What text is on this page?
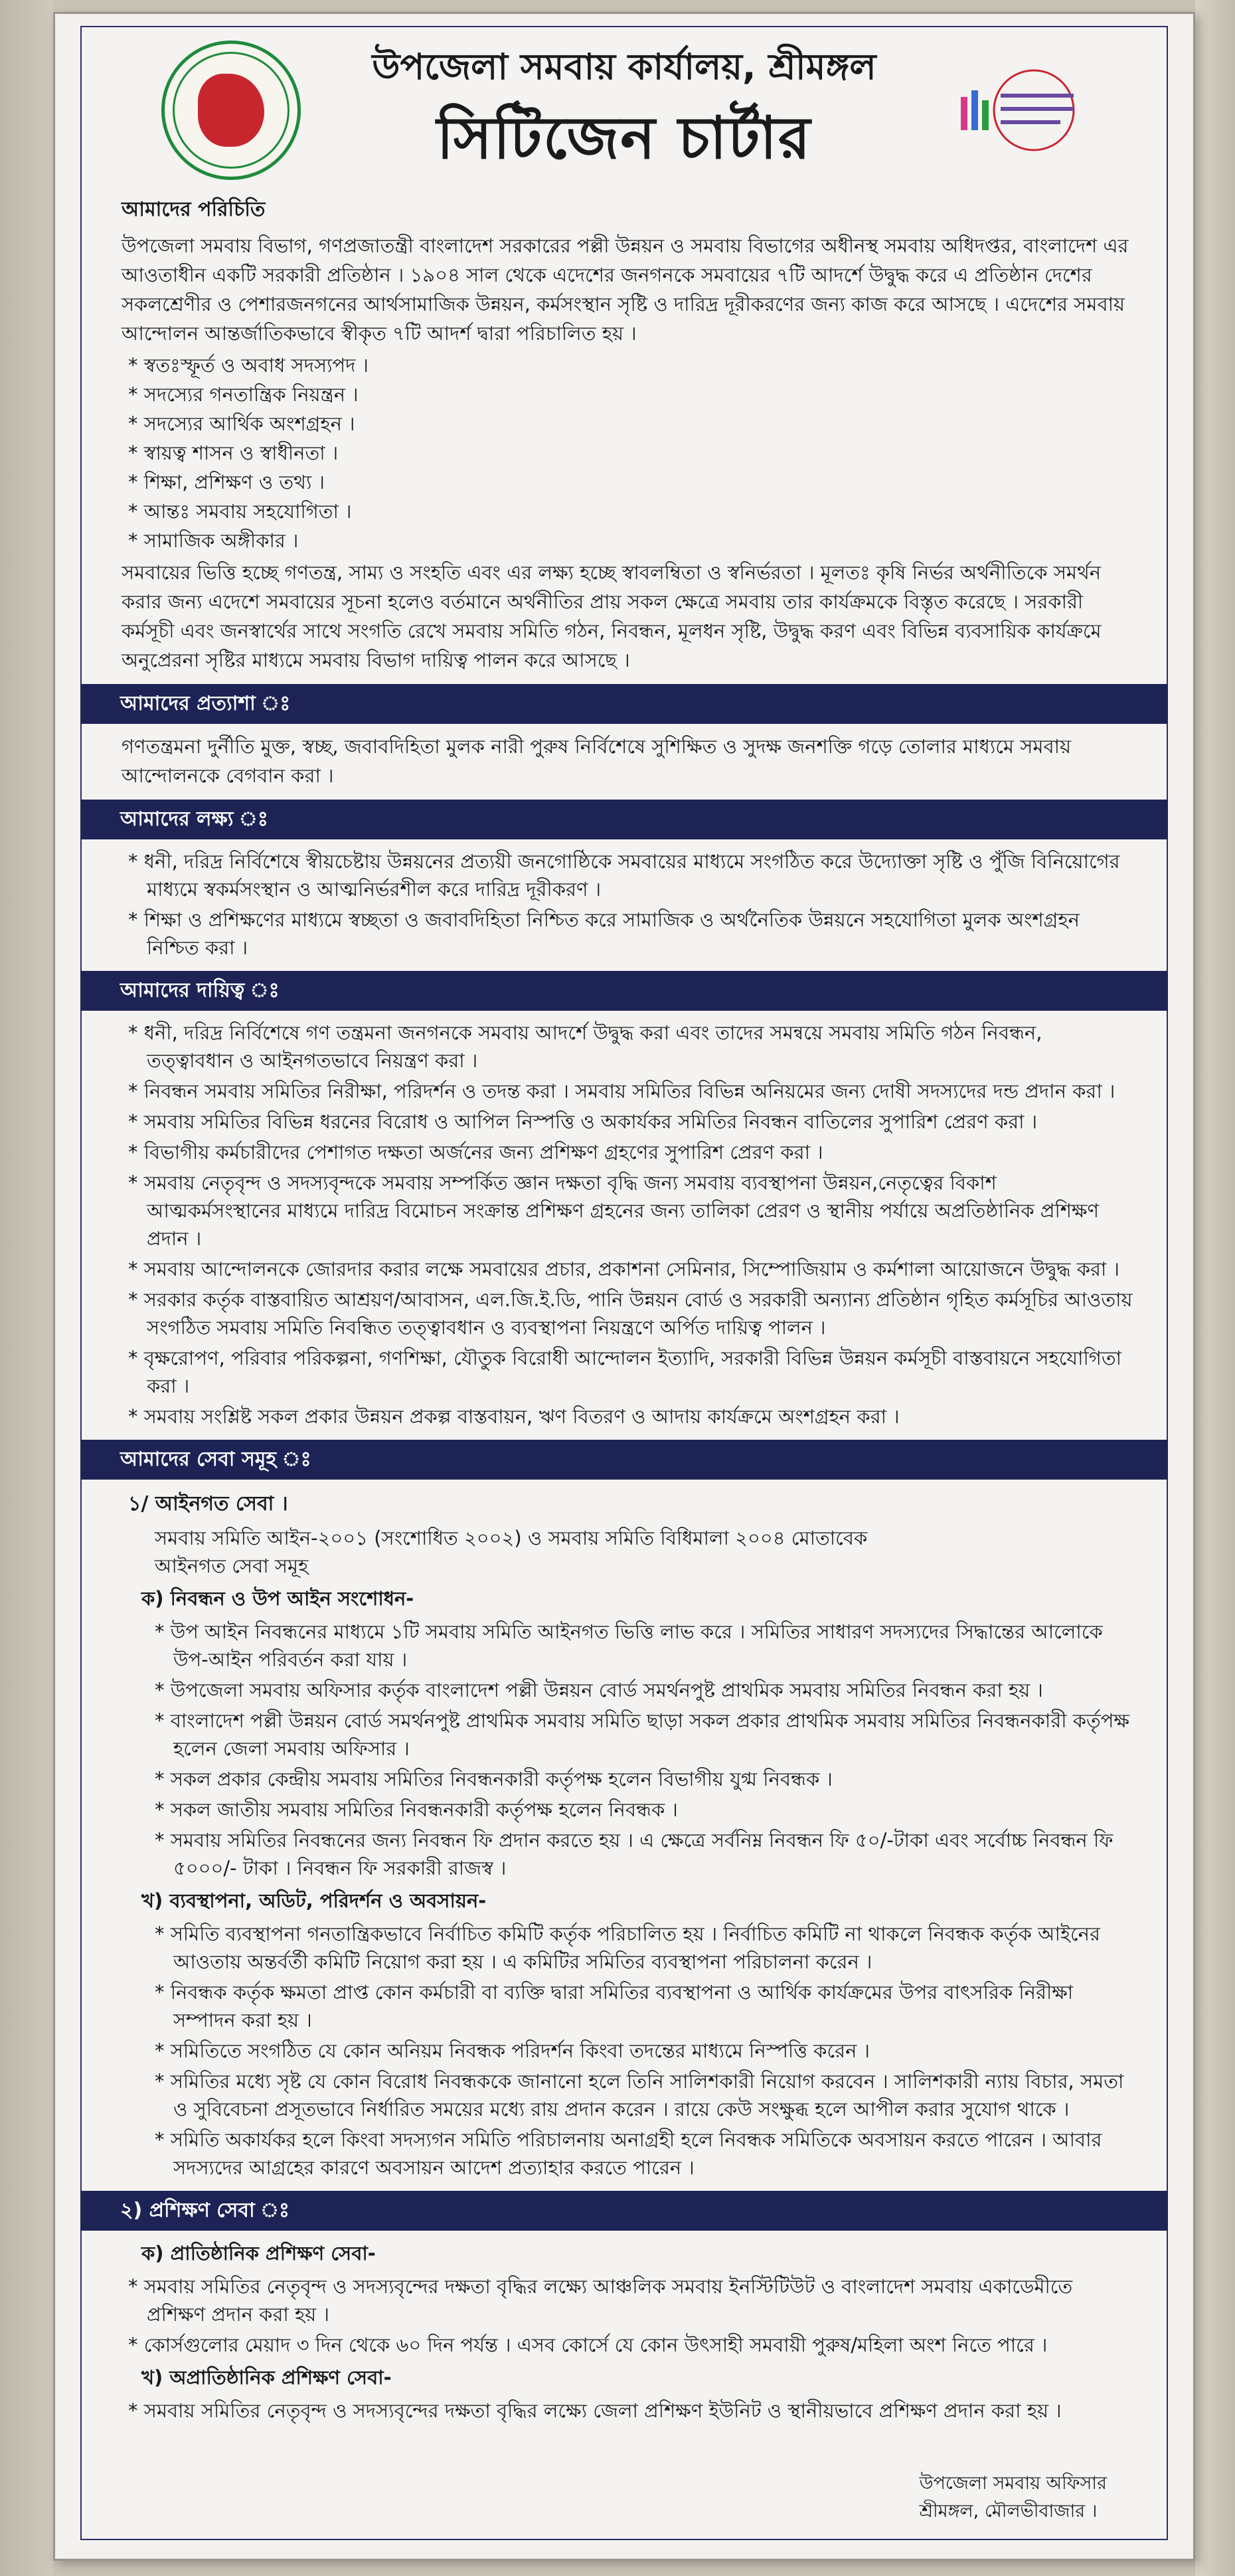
উপজেলা সমবায় কার্যালয়, শ্রীমঙ্গল
সিটিজেন চার্টার
আমাদের পরিচিতি

উপজেলা সমবায় বিভাগ, গণপ্রজাতন্ত্রী বাংলাদেশ সরকারের পল্লী উন্নয়ন ও সমবায় বিভাগের অধীনস্থ সমবায় অধিদপ্তর, বাংলাদেশ এর আওতাধীন একটি সরকারী প্রতিষ্ঠান । ১৯০৪ সাল থেকে এদেশের জনগনকে সমবায়ের ৭টি আদর্শে উদ্বুদ্ধ করে এ প্রতিষ্ঠান দেশের সকলশ্রেণীর ও পেশারজনগনের আর্থসামাজিক উন্নয়ন, কর্মসংস্থান সৃষ্টি ও দারিদ্র দূরীকরণের জন্য কাজ করে আসছে । এদেশের সমবায় আন্দোলন আন্তর্জাতিকভাবে স্বীকৃত ৭টি আদর্শ দ্বারা পরিচালিত হয় ।

* স্বতঃস্ফূর্ত ও অবাধ সদস্যপদ ।
* সদস্যের গনতান্ত্রিক নিয়ন্ত্রন ।
* সদস্যের আর্থিক অংশগ্রহন ।
* স্বায়ত্ব শাসন ও স্বাধীনতা ।
* শিক্ষা, প্রশিক্ষণ ও তথ্য ।
* আন্তঃ সমবায় সহযোগিতা ।
* সামাজিক অঙ্গীকার ।

সমবায়ের ভিত্তি হচ্ছে গণতন্ত্র, সাম্য ও সংহতি এবং এর লক্ষ্য হচ্ছে স্বাবলম্বিতা ও স্বনির্ভরতা । মূলতঃ কৃষি নির্ভর অর্থনীতিকে সমর্থন করার জন্য এদেশে সমবায়ের সূচনা হলেও বর্তমানে অর্থনীতির প্রায় সকল ক্ষেত্রে সমবায় তার কার্যক্রমকে বিস্তৃত করেছে । সরকারী কর্মসূচী এবং জনস্বার্থের সাথে সংগতি রেখে সমবায় সমিতি গঠন, নিবন্ধন, মূলধন সৃষ্টি, উদ্বুদ্ধ করণ এবং বিভিন্ন ব্যবসায়িক কার্যক্রমে অনুপ্রেরনা সৃষ্টির মাধ্যমে সমবায় বিভাগ দায়িত্ব পালন করে আসছে ।

আমাদের প্রত্যাশা ঃ

গণতন্ত্রমনা দুর্নীতি মুক্ত, স্বচ্ছ, জবাবদিহিতা মুলক নারী পুরুষ নির্বিশেষে সুশিক্ষিত ও সুদক্ষ জনশক্তি গড়ে তোলার মাধ্যমে সমবায় আন্দোলনকে বেগবান করা ।

আমাদের লক্ষ্য ঃ
* ধনী, দরিদ্র নির্বিশেষে স্বীয়চেষ্টায় উন্নয়নের প্রত্যয়ী জনগোষ্ঠিকে সমবায়ের মাধ্যমে সংগঠিত করে উদ্যোক্তা সৃষ্টি ও পুঁজি বিনিয়োগের মাধ্যমে স্বকর্মসংস্থান ও আত্মনির্ভরশীল করে দারিদ্র দূরীকরণ ।
* শিক্ষা ও প্রশিক্ষণের মাধ্যমে স্বচ্ছতা ও জবাবদিহিতা নিশ্চিত করে সামাজিক ও অর্থনৈতিক উন্নয়নে সহযোগিতা মুলক অংশগ্রহন নিশ্চিত করা ।
আমাদের দায়িত্ব ঃ
* ধনী, দরিদ্র নির্বিশেষে গণ তন্ত্রমনা জনগনকে সমবায় আদর্শে উদ্বুদ্ধ করা এবং তাদের সমন্বয়ে সমবায় সমিতি গঠন নিবন্ধন, তত্ত্বাবধান ও আইনগতভাবে নিয়ন্ত্রণ করা ।
* নিবন্ধন সমবায় সমিতির নিরীক্ষা, পরিদর্শন ও তদন্ত করা । সমবায় সমিতির বিভিন্ন অনিয়মের জন্য দোষী সদস্যদের দন্ড প্রদান করা ।
* সমবায় সমিতির বিভিন্ন ধরনের বিরোধ ও আপিল নিস্পত্তি ও অকার্যকর সমিতির নিবন্ধন বাতিলের সুপারিশ প্রেরণ করা ।
* বিভাগীয় কর্মচারীদের পেশাগত দক্ষতা অর্জনের জন্য প্রশিক্ষণ গ্রহণের সুপারিশ প্রেরণ করা ।
* সমবায় নেতৃবৃন্দ ও সদস্যবৃন্দকে সমবায় সম্পর্কিত জ্ঞান দক্ষতা বৃদ্ধি জন্য সমবায় ব্যবস্থাপনা উন্নয়ন,নেতৃত্বের বিকাশ আত্মকর্মসংস্থানের মাধ্যমে দারিদ্র বিমোচন সংক্রান্ত প্রশিক্ষণ গ্রহনের জন্য তালিকা প্রেরণ ও স্থানীয় পর্যায়ে অপ্রতিষ্ঠানিক প্রশিক্ষণ প্রদান ।
* সমবায় আন্দোলনকে জোরদার করার লক্ষে সমবায়ের প্রচার, প্রকাশনা সেমিনার, সিম্পোজিয়াম ও কর্মশালা আয়োজনে উদ্বুদ্ধ করা ।
* সরকার কর্তৃক বাস্তবায়িত আশ্রয়ণ/আবাসন, এল.জি.ই.ডি, পানি উন্নয়ন বোর্ড ও সরকারী অন্যান্য প্রতিষ্ঠান গৃহিত কর্মসূচির আওতায় সংগঠিত সমবায় সমিতি নিবন্ধিত তত্ত্বাবধান ও ব্যবস্থাপনা নিয়ন্ত্রণে অর্পিত দায়িত্ব পালন ।
* বৃক্ষরোপণ, পরিবার পরিকল্পনা, গণশিক্ষা, যৌতুক বিরোধী আন্দোলন ইত্যাদি, সরকারী বিভিন্ন উন্নয়ন কর্মসূচী বাস্তবায়নে সহযোগিতা করা ।
* সমবায় সংশ্লিষ্ট সকল প্রকার উন্নয়ন প্রকল্প বাস্তবায়ন, ঋণ বিতরণ ও আদায় কার্যক্রমে অংশগ্রহন করা ।
আমাদের সেবা সমূহ ঃ
১/ আইনগত সেবা ।
সমবায় সমিতি আইন-২০০১ (সংশোধিত ২০০২) ও সমবায় সমিতি বিধিমালা ২০০৪ মোতাবেক
আইনগত সেবা সমূহ
ক) নিবন্ধন ও উপ আইন সংশোধন-
* উপ আইন নিবন্ধনের মাধ্যমে ১টি সমবায় সমিতি আইনগত ভিত্তি লাভ করে । সমিতির সাধারণ সদস্যদের সিদ্ধান্তের আলোকে উপ-আইন পরিবর্তন করা যায় ।
* উপজেলা সমবায় অফিসার কর্তৃক বাংলাদেশ পল্লী উন্নয়ন বোর্ড সমর্থনপুষ্ট প্রাথমিক সমবায় সমিতির নিবন্ধন করা হয় ।
* বাংলাদেশ পল্লী উন্নয়ন বোর্ড সমর্থনপুষ্ট প্রাথমিক সমবায় সমিতি ছাড়া সকল প্রকার প্রাথমিক সমবায় সমিতির নিবন্ধনকারী কর্তৃপক্ষ হলেন জেলা সমবায় অফিসার ।
* সকল প্রকার কেন্দ্রীয় সমবায় সমিতির নিবন্ধনকারী কর্তৃপক্ষ হলেন বিভাগীয় যুগ্ম নিবন্ধক ।
* সকল জাতীয় সমবায় সমিতির নিবন্ধনকারী কর্তৃপক্ষ হলেন নিবন্ধক ।
* সমবায় সমিতির নিবন্ধনের জন্য নিবন্ধন ফি প্রদান করতে হয় । এ ক্ষেত্রে সর্বনিম্ন নিবন্ধন ফি ৫০/-টাকা এবং সর্বোচ্চ নিবন্ধন ফি ৫০০০/- টাকা । নিবন্ধন ফি সরকারী রাজস্ব ।
খ) ব্যবস্থাপনা, অডিট, পরিদর্শন ও অবসায়ন-
* সমিতি ব্যবস্থাপনা গনতান্ত্রিকভাবে নির্বাচিত কমিটি কর্তৃক পরিচালিত হয় । নির্বাচিত কমিটি না থাকলে নিবন্ধক কর্তৃক আইনের আওতায় অন্তর্বর্তী কমিটি নিয়োগ করা হয় । এ কমিটির সমিতির ব্যবস্থাপনা পরিচালনা করেন ।
* নিবন্ধক কর্তৃক ক্ষমতা প্রাপ্ত কোন কর্মচারী বা ব্যক্তি দ্বারা সমিতির ব্যবস্থাপনা ও আর্থিক কার্যক্রমের উপর বাৎসরিক নিরীক্ষা সম্পাদন করা হয় ।
* সমিতিতে সংগঠিত যে কোন অনিয়ম নিবন্ধক পরিদর্শন কিংবা তদন্তের মাধ্যমে নিস্পত্তি করেন ।
* সমিতির মধ্যে সৃষ্ট যে কোন বিরোধ নিবন্ধককে জানানো হলে তিনি সালিশকারী নিয়োগ করবেন । সালিশকারী ন্যায় বিচার, সমতা ও সুবিবেচনা প্রসূতভাবে নির্ধারিত সময়ের মধ্যে রায় প্রদান করেন । রায়ে কেউ সংক্ষুব্ধ হলে আপীল করার সুযোগ থাকে ।
* সমিতি অকার্যকর হলে কিংবা সদস্যগন সমিতি পরিচালনায় অনাগ্রহী হলে নিবন্ধক সমিতিকে অবসায়ন করতে পারেন । আবার সদস্যদের আগ্রহের কারণে অবসায়ন আদেশ প্রত্যাহার করতে পারেন ।
২) প্রশিক্ষণ সেবা ঃ
ক) প্রাতিষ্ঠানিক প্রশিক্ষণ সেবা-
* সমবায় সমিতির নেতৃবৃন্দ ও সদস্যবৃন্দের দক্ষতা বৃদ্ধির লক্ষ্যে আঞ্চলিক সমবায় ইনস্টিটিউট ও বাংলাদেশ সমবায় একাডেমীতে প্রশিক্ষণ প্রদান করা হয় ।
* কোর্সগুলোর মেয়াদ ৩ দিন থেকে ৬০ দিন পর্যন্ত । এসব কোর্সে যে কোন উৎসাহী সমবায়ী পুরুষ/মহিলা অংশ নিতে পারে ।
খ) অপ্রাতিষ্ঠানিক প্রশিক্ষণ সেবা-
* সমবায় সমিতির নেতৃবৃন্দ ও সদস্যবৃন্দের দক্ষতা বৃদ্ধির লক্ষ্যে জেলা প্রশিক্ষণ ইউনিট ও স্থানীয়ভাবে প্রশিক্ষণ প্রদান করা হয় ।
উপজেলা সমবায় অফিসার
শ্রীমঙ্গল, মৌলভীবাজার ।
